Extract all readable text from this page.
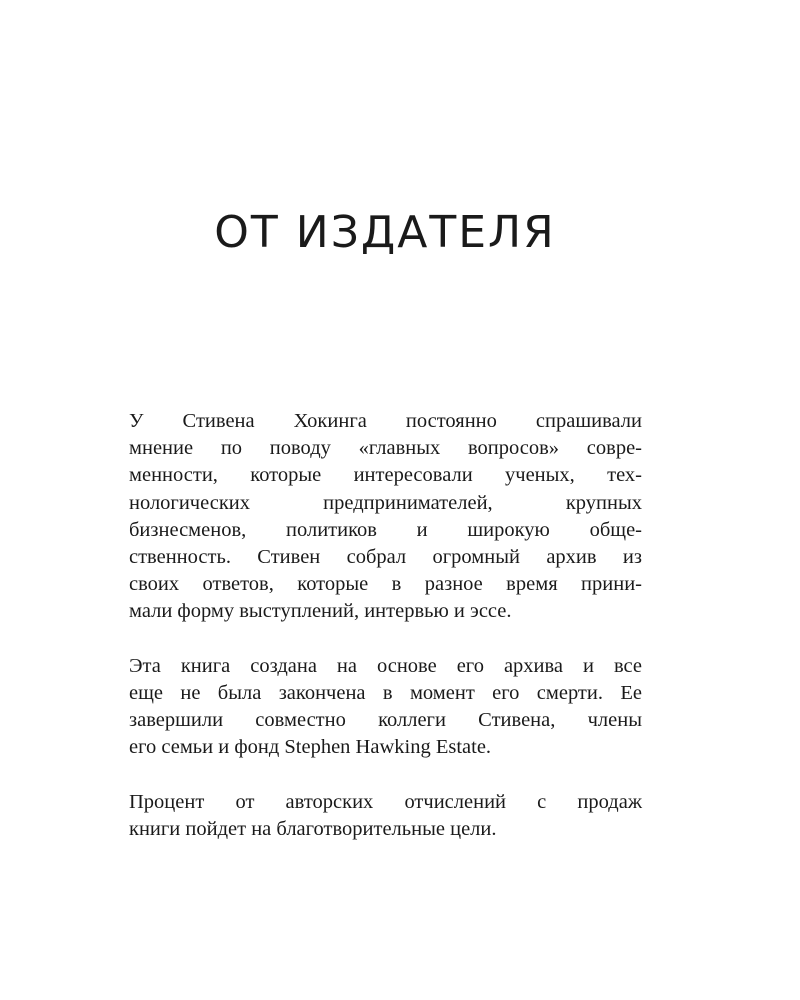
ОТ ИЗДАТЕЛЯ
У Стивена Хокинга постоянно спрашивали
мнение по поводу «главных вопросов» совре-
менности, которые интересовали ученых, тех-
нологических предпринимателей, крупных
бизнесменов, политиков и широкую обще-
ственность. Стивен собрал огромный архив из
своих ответов, которые в разное время прини-
мали форму выступлений, интервью и эссе.
Эта книга создана на основе его архива и все
еще не была закончена в момент его смерти. Ее
завершили совместно коллеги Стивена, члены
его семьи и фонд Stephen Hawking Estate.
Процент от авторских отчислений с продаж
книги пойдет на благотворительные цели.
